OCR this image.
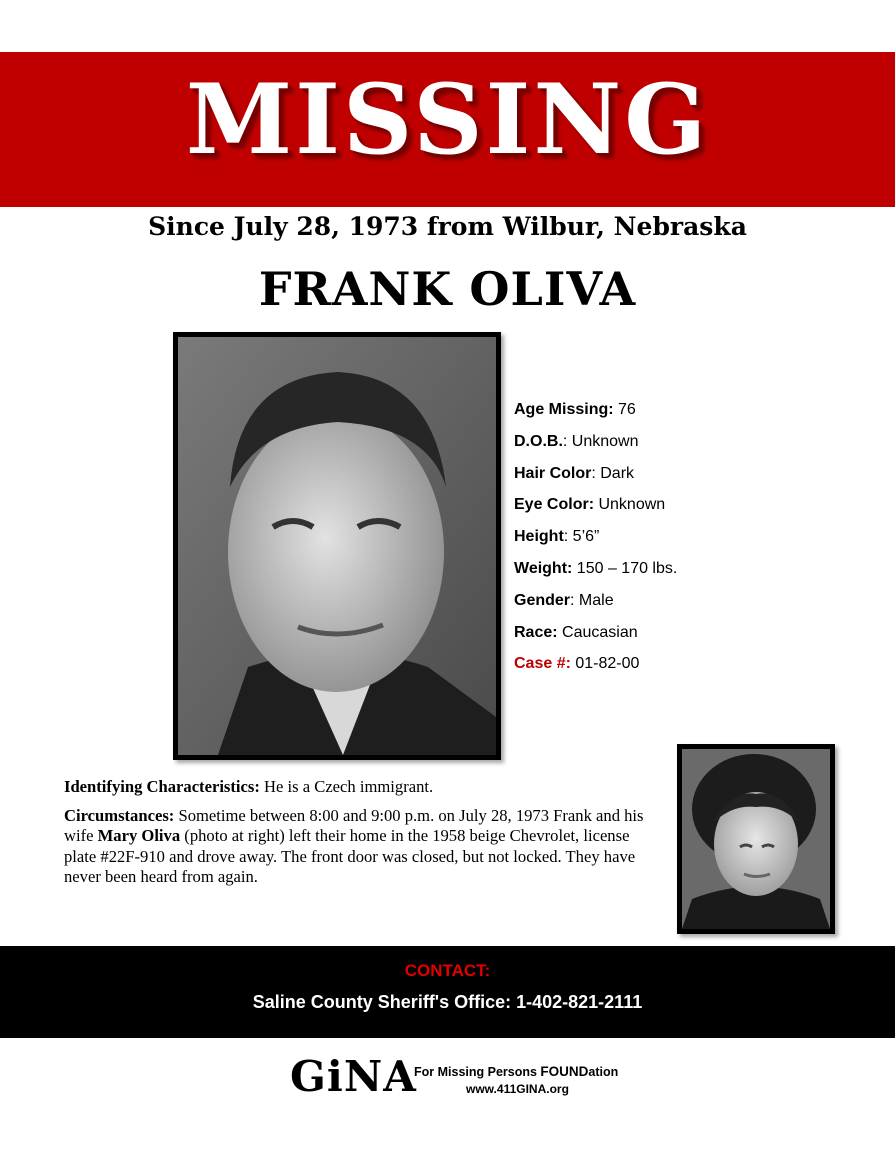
MISSING
Since July 28, 1973 from Wilbur, Nebraska
FRANK OLIVA
Age Missing: 76
D.O.B.: Unknown
Hair Color: Dark
Eye Color: Unknown
Height: 5’6”
Weight: 150 – 170 lbs.
Gender: Male
Race: Caucasian
Case #: 01-82-00

Identifying Characteristics: He is a Czech immigrant.

Circumstances: Sometime between 8:00 and 9:00 p.m. on July 28, 1973 Frank and his wife Mary Oliva (photo at right) left their home in the 1958 beige Chevrolet, license plate #22F-910 and drove away. The front door was closed, but not locked. They have never been heard from again.

CONTACT:
Saline County Sheriff's Office: 1-402-821-2111
GiNA
For Missing Persons FOUNDation
www.411GINA.org
